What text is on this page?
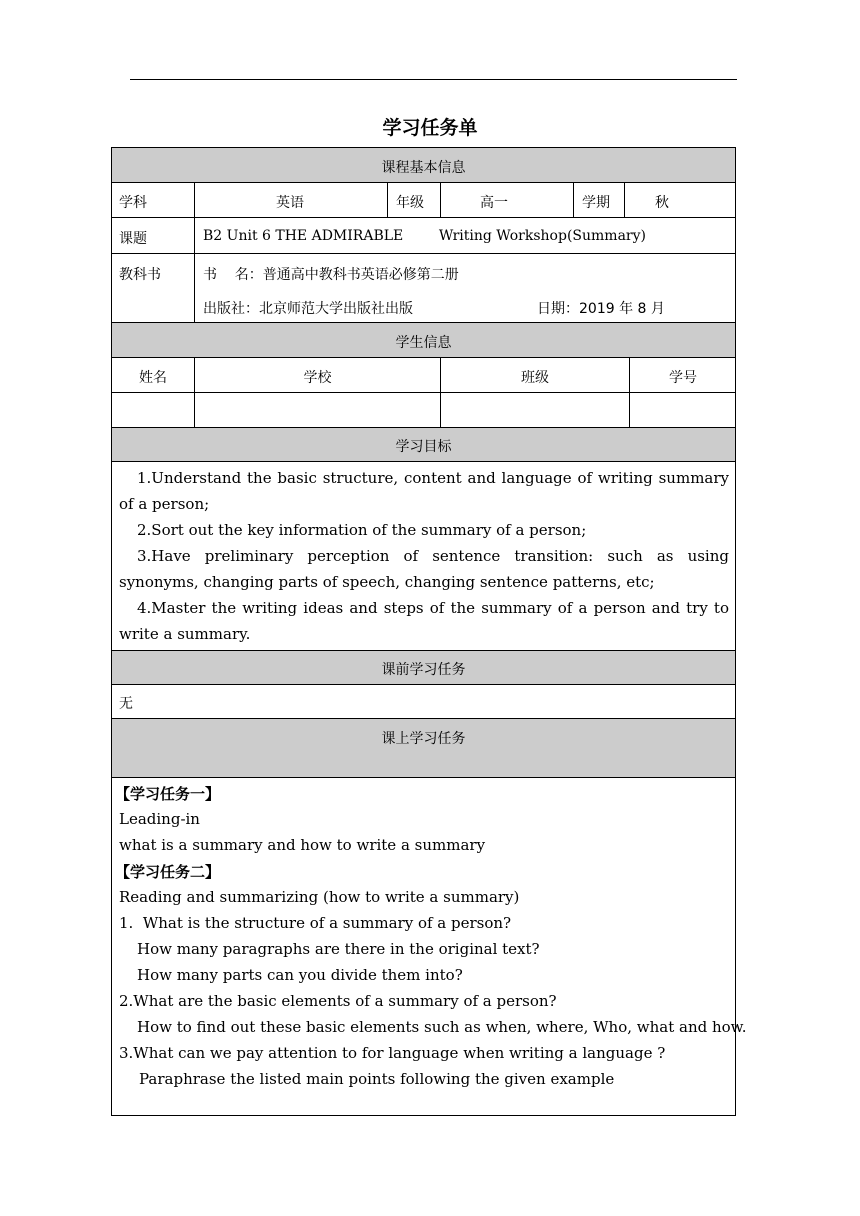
学习任务单
课程基本信息
学科	英语	年级	高一	学期	秋
课题	B2 Unit 6 THE ADMIRABLE        Writing Workshop(Summary)
教科书	书    名：普通高中教科书英语必修第二册
出版社：北京师范大学出版社出版	日期：2019 年 8 月
学生信息
姓名	学校	班级	学号
学习目标
1.Understand the basic structure, content and language of writing summary of a person;
2.Sort out the key information of the summary of a person;
3.Have preliminary perception of sentence transition: such as using synonyms, changing parts of speech, changing sentence patterns, etc;
4.Master the writing ideas and steps of the summary of a person and try to write a summary.
课前学习任务
无
课上学习任务
【学习任务一】
Leading-in
what is a summary and how to write a summary
【学习任务二】
Reading and summarizing (how to write a summary)
1.  What is the structure of a summary of a person?
How many paragraphs are there in the original text?
How many parts can you divide them into?
2.What are the basic elements of a summary of a person?
How to find out these basic elements such as when, where, Who, what and how.
3.What can we pay attention to for language when writing a language ?
Paraphrase the listed main points following the given example
